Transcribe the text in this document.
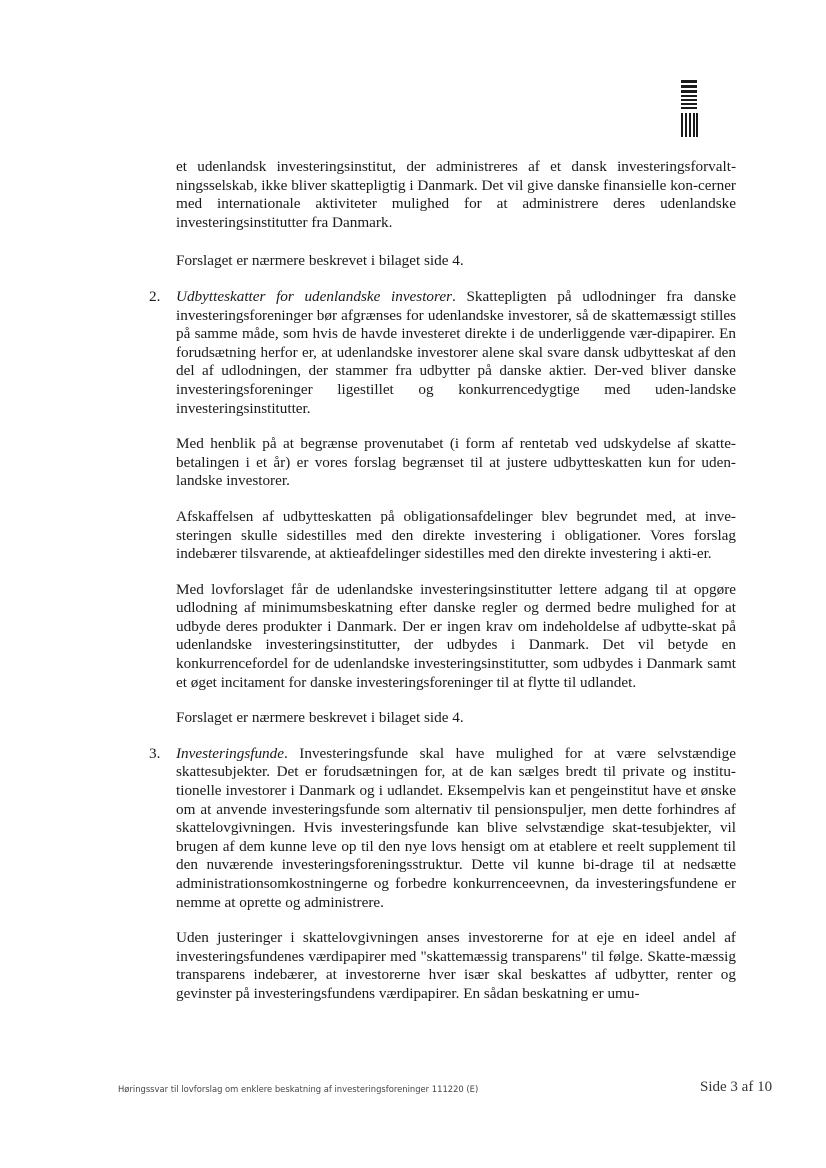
et udenlandsk investeringsinstitut, der administreres af et dansk investeringsforvalt-ningsselskab, ikke bliver skattepligtig i Danmark. Det vil give danske finansielle kon-cerner med internationale aktiviteter mulighed for at administrere deres udenlandske investeringsinstitutter fra Danmark.

Forslaget er nærmere beskrevet i bilaget side 4.

2. Udbytteskatter for udenlandske investorer. Skattepligten på udlodninger fra danske investeringsforeninger bør afgrænses for udenlandske investorer, så de skattemæssigt stilles på samme måde, som hvis de havde investeret direkte i de underliggende vær-dipapirer. En forudsætning herfor er, at udenlandske investorer alene skal svare dansk udbytteskat af den del af udlodningen, der stammer fra udbytter på danske aktier. Der-ved bliver danske investeringsforeninger ligestillet og konkurrencedygtige med uden-landske investeringsinstitutter.

Med henblik på at begrænse provenutabet (i form af rentetab ved udskydelse af skatte-betalingen i et år) er vores forslag begrænset til at justere udbytteskatten kun for uden-landske investorer.

Afskaffelsen af udbytteskatten på obligationsafdelinger blev begrundet med, at inve-steringen skulle sidestilles med den direkte investering i obligationer. Vores forslag indebærer tilsvarende, at aktieafdelinger sidestilles med den direkte investering i akti-er.

Med lovforslaget får de udenlandske investeringsinstitutter lettere adgang til at opgøre udlodning af minimumsbeskatning efter danske regler og dermed bedre mulighed for at udbyde deres produkter i Danmark. Der er ingen krav om indeholdelse af udbytte-skat på udenlandske investeringsinstitutter, der udbydes i Danmark. Det vil betyde en konkurrencefordel for de udenlandske investeringsinstitutter, som udbydes i Danmark samt et øget incitament for danske investeringsforeninger til at flytte til udlandet.

Forslaget er nærmere beskrevet i bilaget side 4.

3. Investeringsfunde. Investeringsfunde skal have mulighed for at være selvstændige skattesubjekter. Det er forudsætningen for, at de kan sælges bredt til private og institu-tionelle investorer i Danmark og i udlandet. Eksempelvis kan et pengeinstitut have et ønske om at anvende investeringsfunde som alternativ til pensionspuljer, men dette forhindres af skattelovgivningen. Hvis investeringsfunde kan blive selvstændige skat-tesubjekter, vil brugen af dem kunne leve op til den nye lovs hensigt om at etablere et reelt supplement til den nuværende investeringsforeningsstruktur. Dette vil kunne bi-drage til at nedsætte administrationsomkostningerne og forbedre konkurrenceevnen, da investeringsfundene er nemme at oprette og administrere.

Uden justeringer i skattelovgivningen anses investorerne for at eje en ideel andel af investeringsfundenes værdipapirer med "skattemæssig transparens" til følge. Skatte-mæssig transparens indebærer, at investorerne hver især skal beskattes af udbytter, renter og gevinster på investeringsfundens værdipapirer. En sådan beskatning er umu-

Høringssvar til lovforslag om enklere beskatning af investeringsforeninger 111220 (E)	Side 3 af 10
